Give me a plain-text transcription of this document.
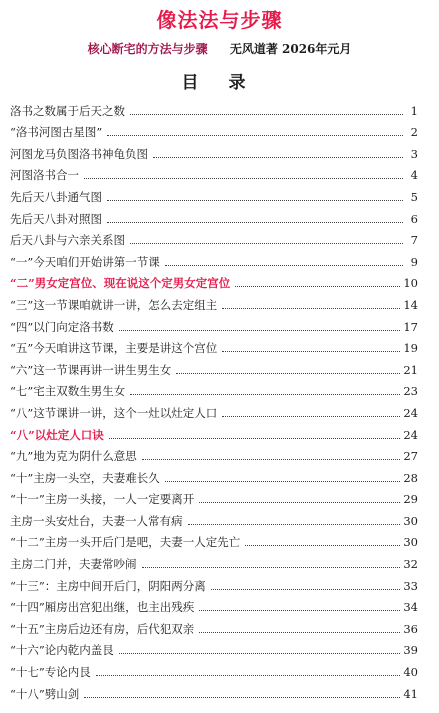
像法法与步骤
核心断宅的方法与步骤 无风道著 2026年元月
目 录
洛书之数属于后天之数	1
“洛书河图古星图”	2
河图龙马负图洛书神龟负图	3
河图洛书合一	4
先后天八卦通气图	5
先后天八卦对照图	6
后天八卦与六亲关系图	7
“一”今天咱们开始讲第一节课	9
“二”男女定宫位、现在说这个定男女定宫位	10
“三”这一节课咱就讲一讲，怎么去定组主	14
“四”以门向定洛书数	17
“五”今天咱讲这节课，主要是讲这个宫位	19
“六”这一节课再讲一讲生男生女	21
“七”宅主双数生男生女	23
“八”这节课讲一讲，这个一灶以灶定人口	24
“八”以灶定人口诀	24
“九”地为克为阴什么意思	27
“十”主房一头空，夫妻难长久	28
“十一”主房一头接，一人一定要离开	29
主房一头安灶台，夫妻一人常有病	30
“十二”主房一头开后门是吧，夫妻一人定先亡	30
主房二门并，夫妻常吵闹	32
“十三”：主房中间开后门，阴阳两分离	33
“十四”厢房出宫犯出继，也主出残疾	34
“十五”主房后边还有房，后代犯双亲	36
“十六”论内乾内盖艮	39
“十七”专论内艮	40
“十八”劈山剑	41
